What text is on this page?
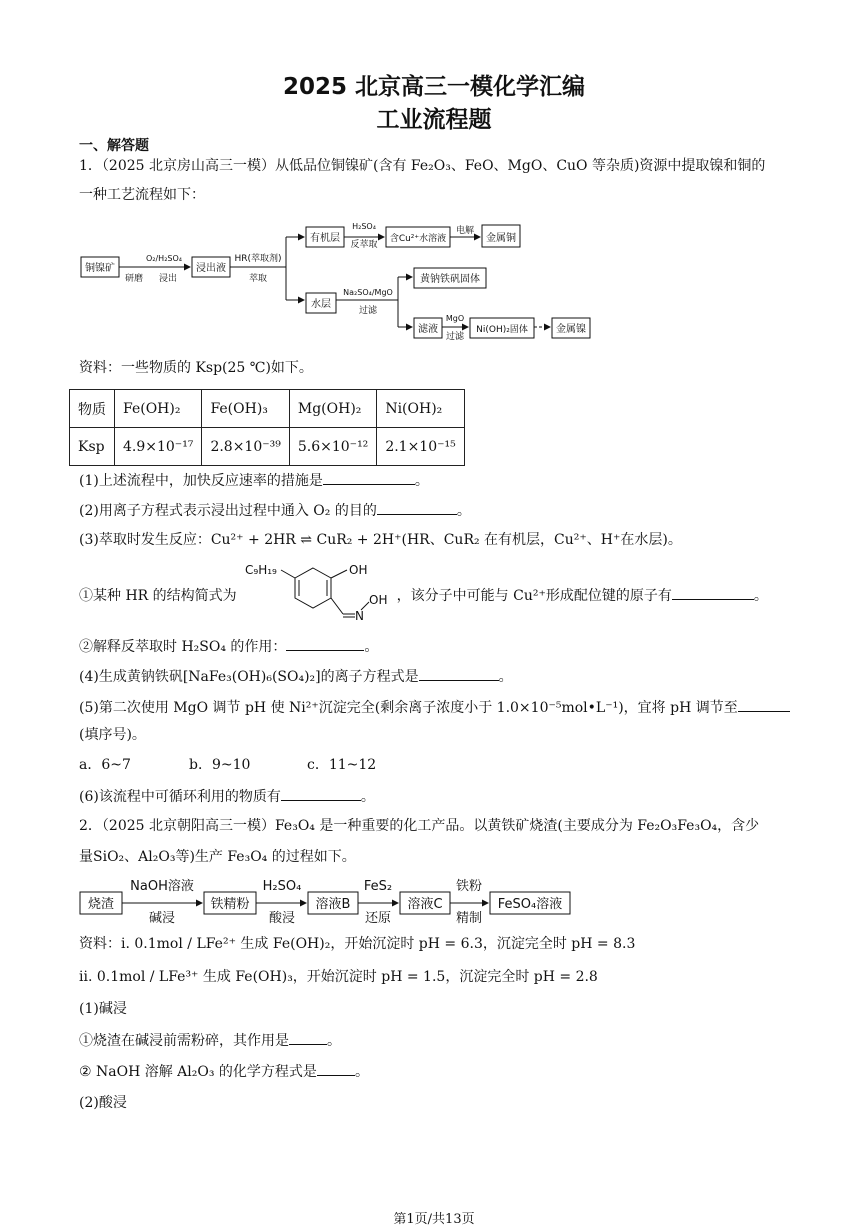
2025 北京高三一模化学汇编
工业流程题
一、解答题
1．（2025 北京房山高三一模）从低品位铜镍矿(含有 Fe₂O₃、FeO、MgO、CuO 等杂质)资源中提取镍和铜的
一种工艺流程如下：
铜镍矿
O₂/H₂SO₄
研磨 浸出
浸出液
HR(萃取剂)
萃取
有机层
H₂SO₄
反萃取
含Cu²⁺水溶液
电解
金属铜
水层
Na₂SO₄/MgO
过滤
黄钠铁矾固体
滤液
MgO
过滤
Ni(OH)₂固体	金属镍
资料：一些物质的 Ksp(25 ℃)如下。
物质	Fe(OH)₂	Fe(OH)₃	Mg(OH)₂	Ni(OH)₂
Ksp	4.9×10⁻¹⁷	2.8×10⁻³⁹	5.6×10⁻¹²	2.1×10⁻¹⁵
(1)上述流程中，加快反应速率的措施是	。
(2)用离子方程式表示浸出过程中通入 O₂ 的目的	。
(3)萃取时发生反应：Cu²⁺ + 2HR ⇌ CuR₂ + 2H⁺(HR、CuR₂ 在有机层，Cu²⁺、H⁺在水层)。
①某种 HR 的结构简式为	，该分子中可能与 Cu²⁺形成配位键的原子有	。
C₉H₁₉	OH
N
OH
②解释反萃取时 H₂SO₄ 的作用：	。
(4)生成黄钠铁矾[NaFe₃(OH)₆(SO₄)₂]的离子方程式是	。
(5)第二次使用 MgO 调节 pH 使 Ni²⁺沉淀完全(剩余离子浓度小于 1.0×10⁻⁵mol•L⁻¹)，宜将 pH 调节至
(填序号)。
a．6~7	b．9~10	c．11~12
(6)该流程中可循环利用的物质有	。
2．（2025 北京朝阳高三一模）Fe₃O₄ 是一种重要的化工产品。以黄铁矿烧渣(主要成分为 Fe₂O₃Fe₃O₄，含少
量SiO₂、Al₂O₃等)生产 Fe₃O₄ 的过程如下。
烧渣
NaOH溶液
碱浸
铁精粉
H₂SO₄
酸浸
溶液B
FeS₂
还原
溶液C
铁粉
精制
FeSO₄溶液
资料：i. 0.1mol / LFe²⁺ 生成 Fe(OH)₂，开始沉淀时 pH = 6.3，沉淀完全时 pH = 8.3
ii. 0.1mol / LFe³⁺ 生成 Fe(OH)₃，开始沉淀时 pH = 1.5，沉淀完全时 pH = 2.8
(1)碱浸
①烧渣在碱浸前需粉碎，其作用是	。
② NaOH 溶解 Al₂O₃ 的化学方程式是	。
(2)酸浸
第1页/共13页
